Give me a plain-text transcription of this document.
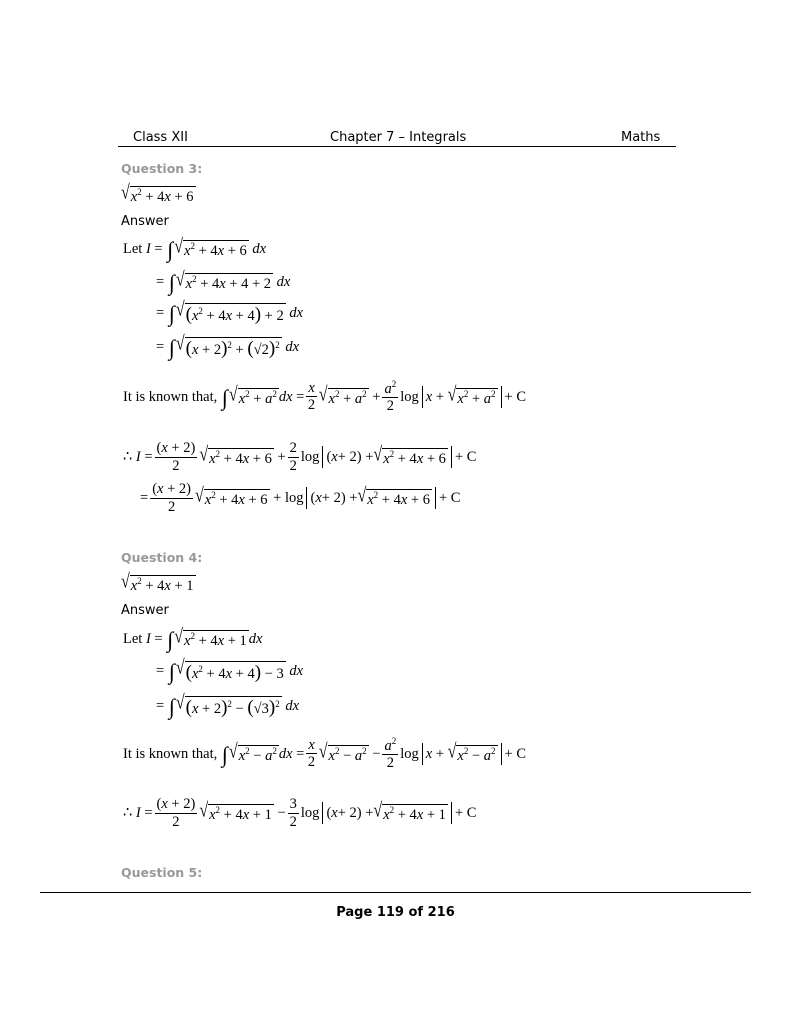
Class XII	Chapter 7 – Integrals	Maths
Question 3:
√ $x^2 + 4x + 6$
Answer
Let
I = ∫ √ $x^2 + 4x + 6$
dx
= ∫ √ $x^2 + 4x + 4 + 2$
dx
= ∫ √ $(x^2 + 4x + 4) + 2$
dx
= ∫ √ $(x + 2)^2 + (√2)^2$
dx
It is known that,
∫ √ $x^2 + a^2$ dx = $\frac{x}{2}$ √ $x^2 + a^2 + \frac{a^2}{2}$ log x + √ $x^2 + a^2 + C$
∴ $I = \frac{(x + 2)}{2}$ √ $x^2 + 4x + 6 + \frac{2}{2}$ log ( x + 2) + √ $x^2 + 4x + 6 + C$
= $\frac{(x + 2)}{2}$ √ $x^2 + 4x + 6 + \log$ ( x + 2) + √ $x^2 + 4x + 6 + C$
Question 4:
√ $x^2 + 4x + 1$
Answer
Let
I = ∫ √ $x^2 + 4x + 1$ dx
= ∫ √ $(x^2 + 4x + 4) - 3$
dx
= ∫ √ $(x + 2)^2 - (√3)^2$
dx
It is known that,
∫ √ $x^2 - a^2$ dx = $\frac{x}{2}$ √ $x^2 - a^2 - \frac{a^2}{2}$ log x + √ $x^2 - a^2 + C$
∴ $I = \frac{(x + 2)}{2}$ √ $x^2 + 4x + 1 - \frac{3}{2}$ log ( x + 2) + √ $x^2 + 4x + 1 + C$
Question 5:
Page 119 of 216
